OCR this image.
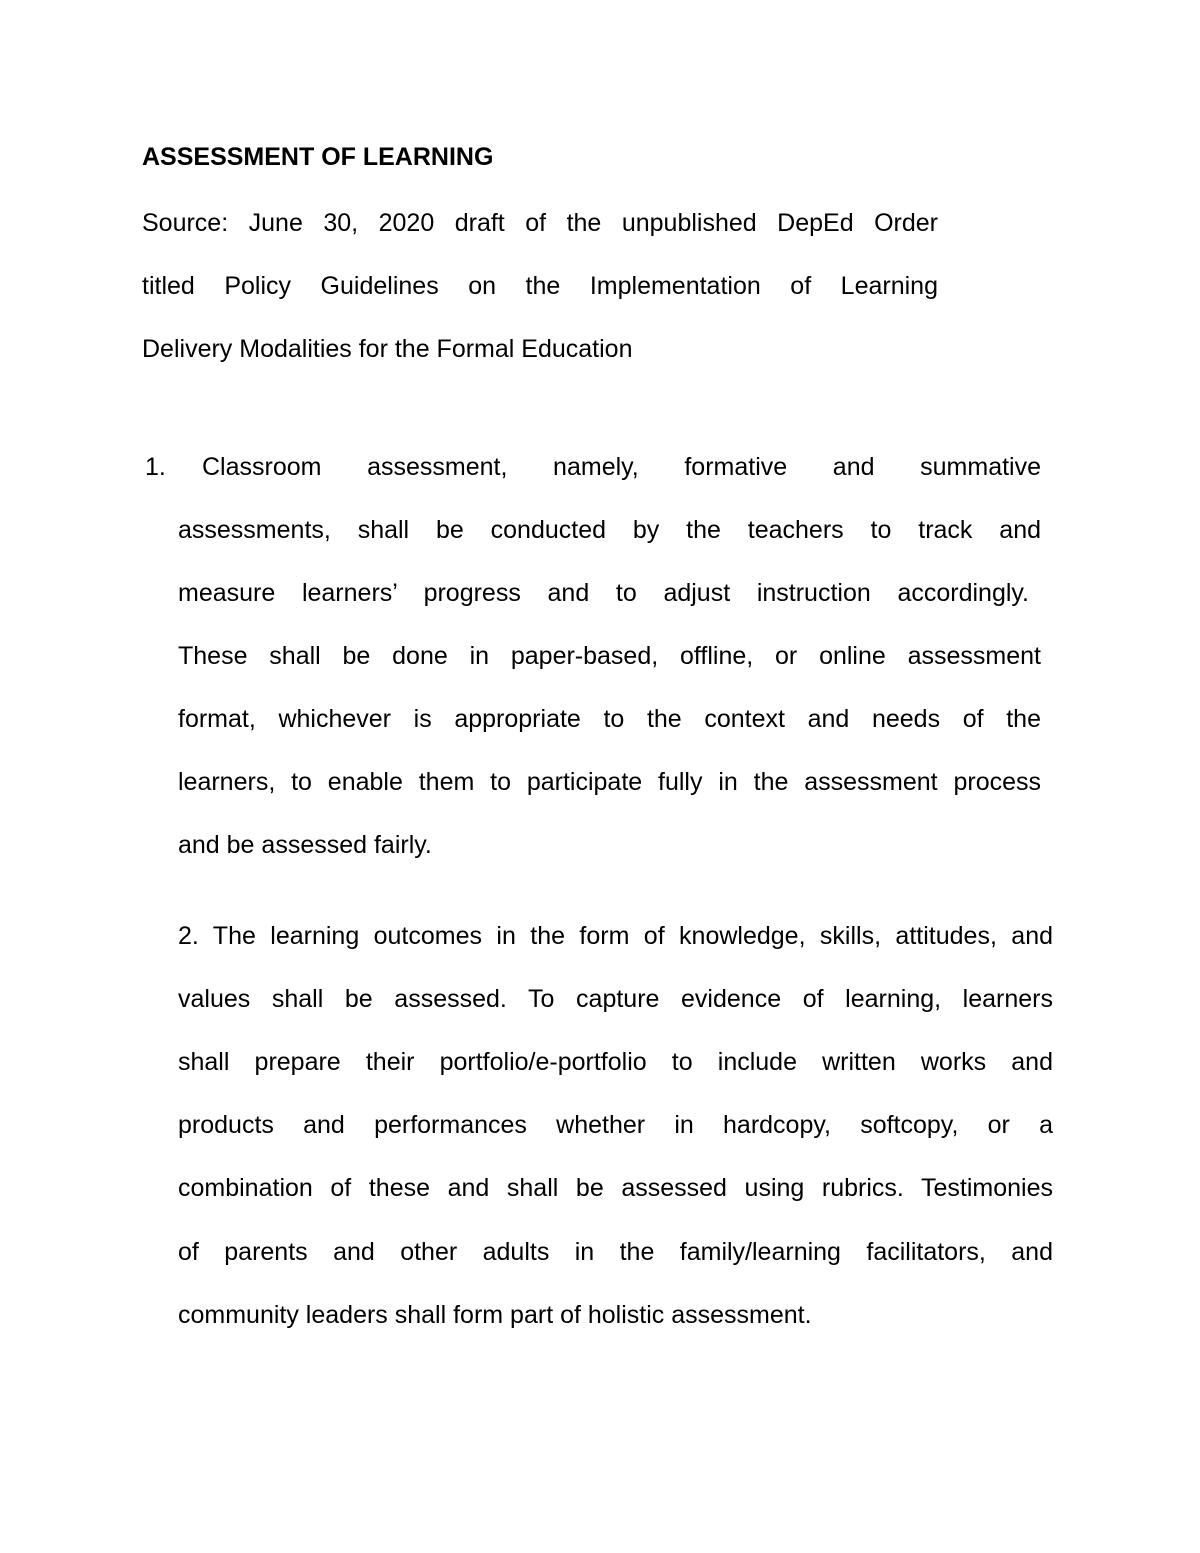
ASSESSMENT OF LEARNING
Source: June 30, 2020 draft of the unpublished DepEd Order
titled Policy Guidelines on the Implementation of Learning
Delivery Modalities for the Formal Education
1. Classroom assessment, namely, formative and summative
assessments, shall be conducted by the teachers to track and
measure learners’ progress and to adjust instruction accordingly.
These shall be done in paper-based, offline, or online assessment
format, whichever is appropriate to the context and needs of the
learners, to enable them to participate fully in the assessment process
and be assessed fairly.
2. The learning outcomes in the form of knowledge, skills, attitudes, and
values shall be assessed. To capture evidence of learning, learners
shall prepare their portfolio/e-portfolio to include written works and
products and performances whether in hardcopy, softcopy, or a
combination of these and shall be assessed using rubrics. Testimonies
of parents and other adults in the family/learning facilitators, and
community leaders shall form part of holistic assessment.
